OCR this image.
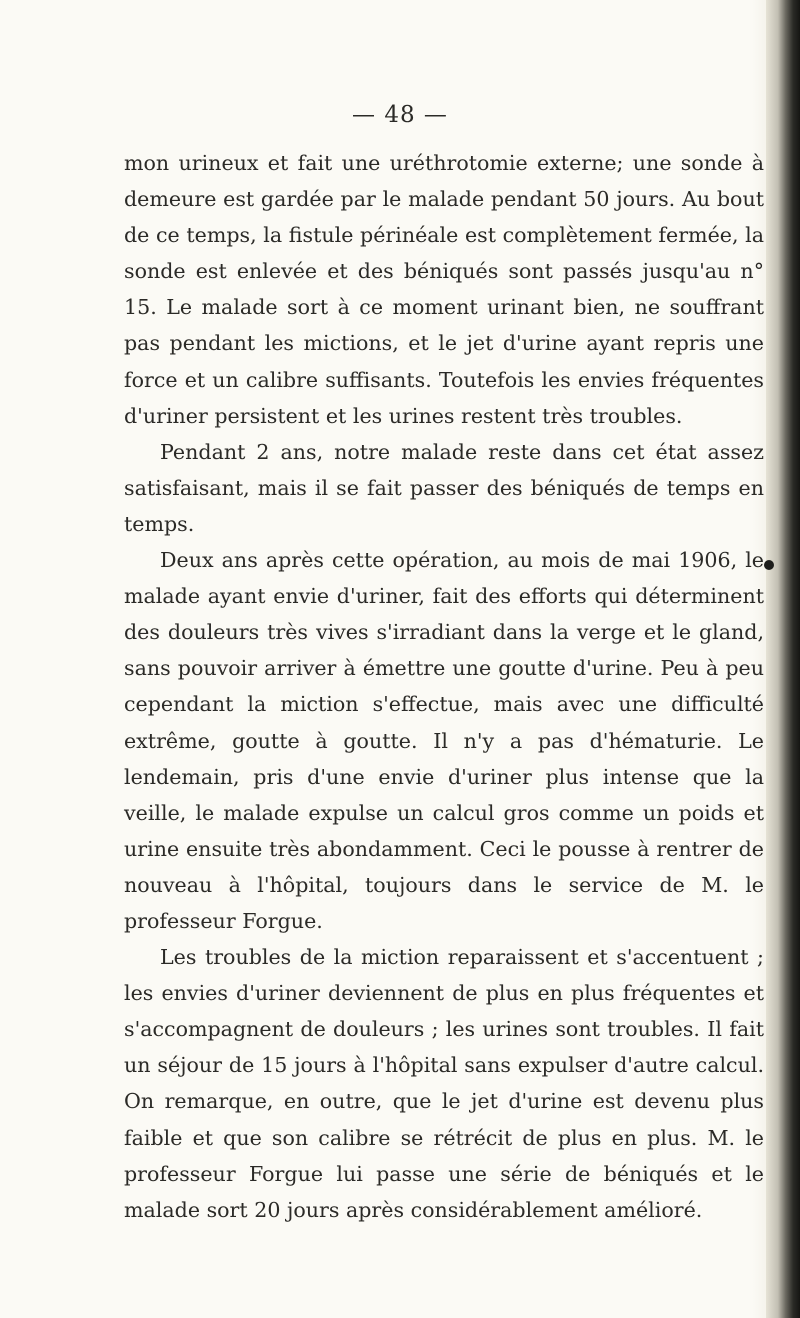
— 48 —

mon urineux et fait une uréthrotomie externe; une sonde à demeure est gardée par le malade pendant 50 jours. Au bout de ce temps, la fistule périnéale est complètement fermée, la sonde est enlevée et des béniqués sont passés jusqu'au n° 15. Le malade sort à ce moment urinant bien, ne souffrant pas pendant les mictions, et le jet d'urine ayant repris une force et un calibre suffisants. Toutefois les envies fréquentes d'uriner persistent et les urines restent très troubles.

Pendant 2 ans, notre malade reste dans cet état assez satisfaisant, mais il se fait passer des béniqués de temps en temps.

Deux ans après cette opération, au mois de mai 1906, le malade ayant envie d'uriner, fait des efforts qui déterminent des douleurs très vives s'irradiant dans la verge et le gland, sans pouvoir arriver à émettre une goutte d'urine. Peu à peu cependant la miction s'effectue, mais avec une difficulté extrême, goutte à goutte. Il n'y a pas d'hématurie. Le lendemain, pris d'une envie d'uriner plus intense que la veille, le malade expulse un calcul gros comme un poids et urine ensuite très abondamment. Ceci le pousse à rentrer de nouveau à l'hôpital, toujours dans le service de M. le professeur Forgue.

Les troubles de la miction reparaissent et s'accentuent ; les envies d'uriner deviennent de plus en plus fréquentes et s'accompagnent de douleurs ; les urines sont troubles. Il fait un séjour de 15 jours à l'hôpital sans expulser d'autre calcul. On remarque, en outre, que le jet d'urine est devenu plus faible et que son calibre se rétrécit de plus en plus. M. le professeur Forgue lui passe une série de béniqués et le malade sort 20 jours après considérablement amélioré.
